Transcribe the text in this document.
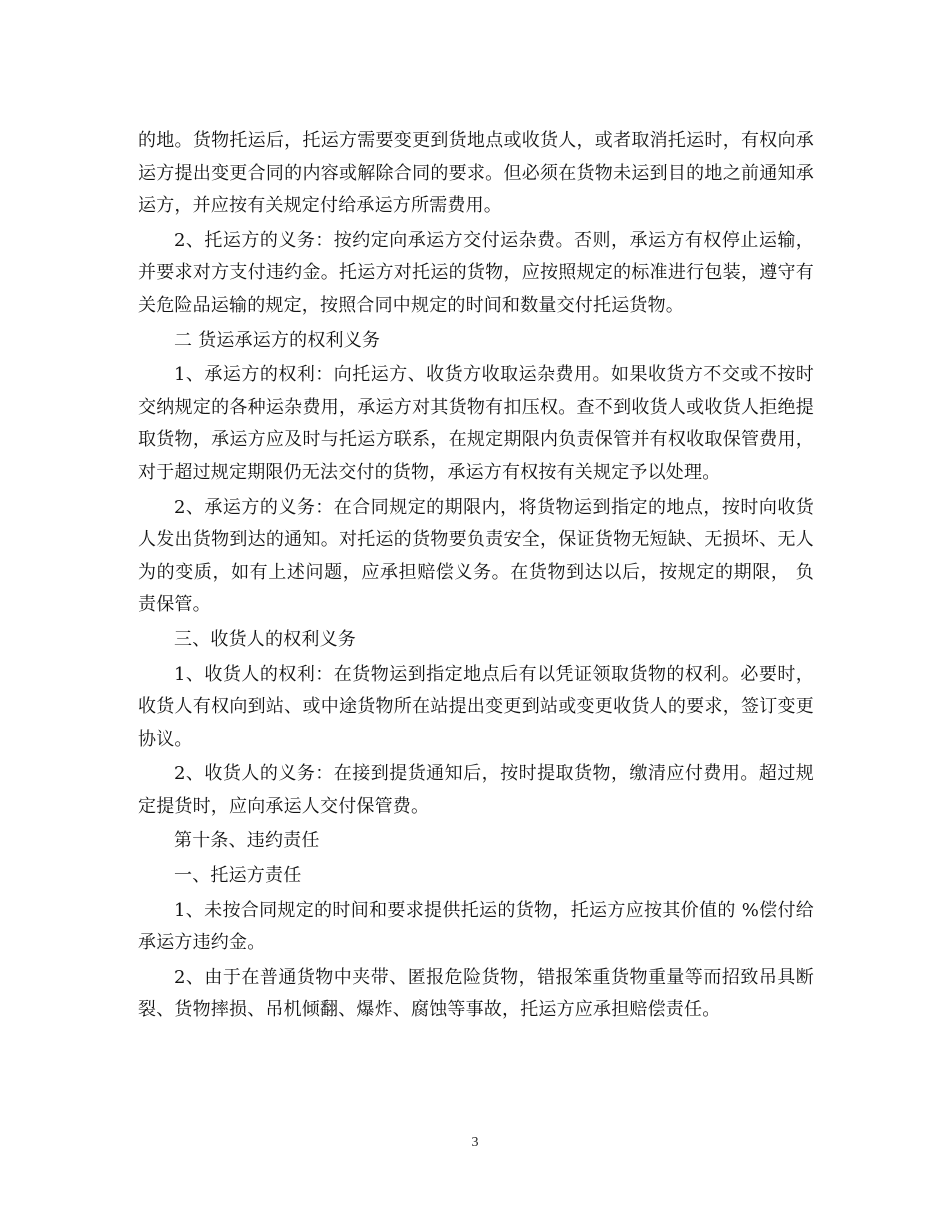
的地。货物托运后，托运方需要变更到货地点或收货人，或者取消托运时，有权向承运方提出变更合同的内容或解除合同的要求。但必须在货物未运到目的地之前通知承运方，并应按有关规定付给承运方所需费用。

2、托运方的义务：按约定向承运方交付运杂费。否则，承运方有权停止运输，并要求对方支付违约金。托运方对托运的货物，应按照规定的标准进行包装，遵守有关危险品运输的规定，按照合同中规定的时间和数量交付托运货物。

二 货运承运方的权利义务

1、承运方的权利：向托运方、收货方收取运杂费用。如果收货方不交或不按时交纳规定的各种运杂费用，承运方对其货物有扣压权。查不到收货人或收货人拒绝提取货物，承运方应及时与托运方联系，在规定期限内负责保管并有权收取保管费用，对于超过规定期限仍无法交付的货物，承运方有权按有关规定予以处理。

2、承运方的义务：在合同规定的期限内，将货物运到指定的地点，按时向收货人发出货物到达的通知。对托运的货物要负责安全，保证货物无短缺、无损坏、无人为的变质，如有上述问题，应承担赔偿义务。在货物到达以后，按规定的期限， 负责保管。

三、收货人的权利义务

1、收货人的权利：在货物运到指定地点后有以凭证领取货物的权利。必要时，收货人有权向到站、或中途货物所在站提出变更到站或变更收货人的要求，签订变更协议。

2、收货人的义务：在接到提货通知后，按时提取货物，缴清应付费用。超过规定提货时，应向承运人交付保管费。

第十条、违约责任

一、托运方责任

1、未按合同规定的时间和要求提供托运的货物，托运方应按其价值的 %偿付给承运方违约金。

2、由于在普通货物中夹带、匿报危险货物，错报笨重货物重量等而招致吊具断裂、货物摔损、吊机倾翻、爆炸、腐蚀等事故，托运方应承担赔偿责任。

3
